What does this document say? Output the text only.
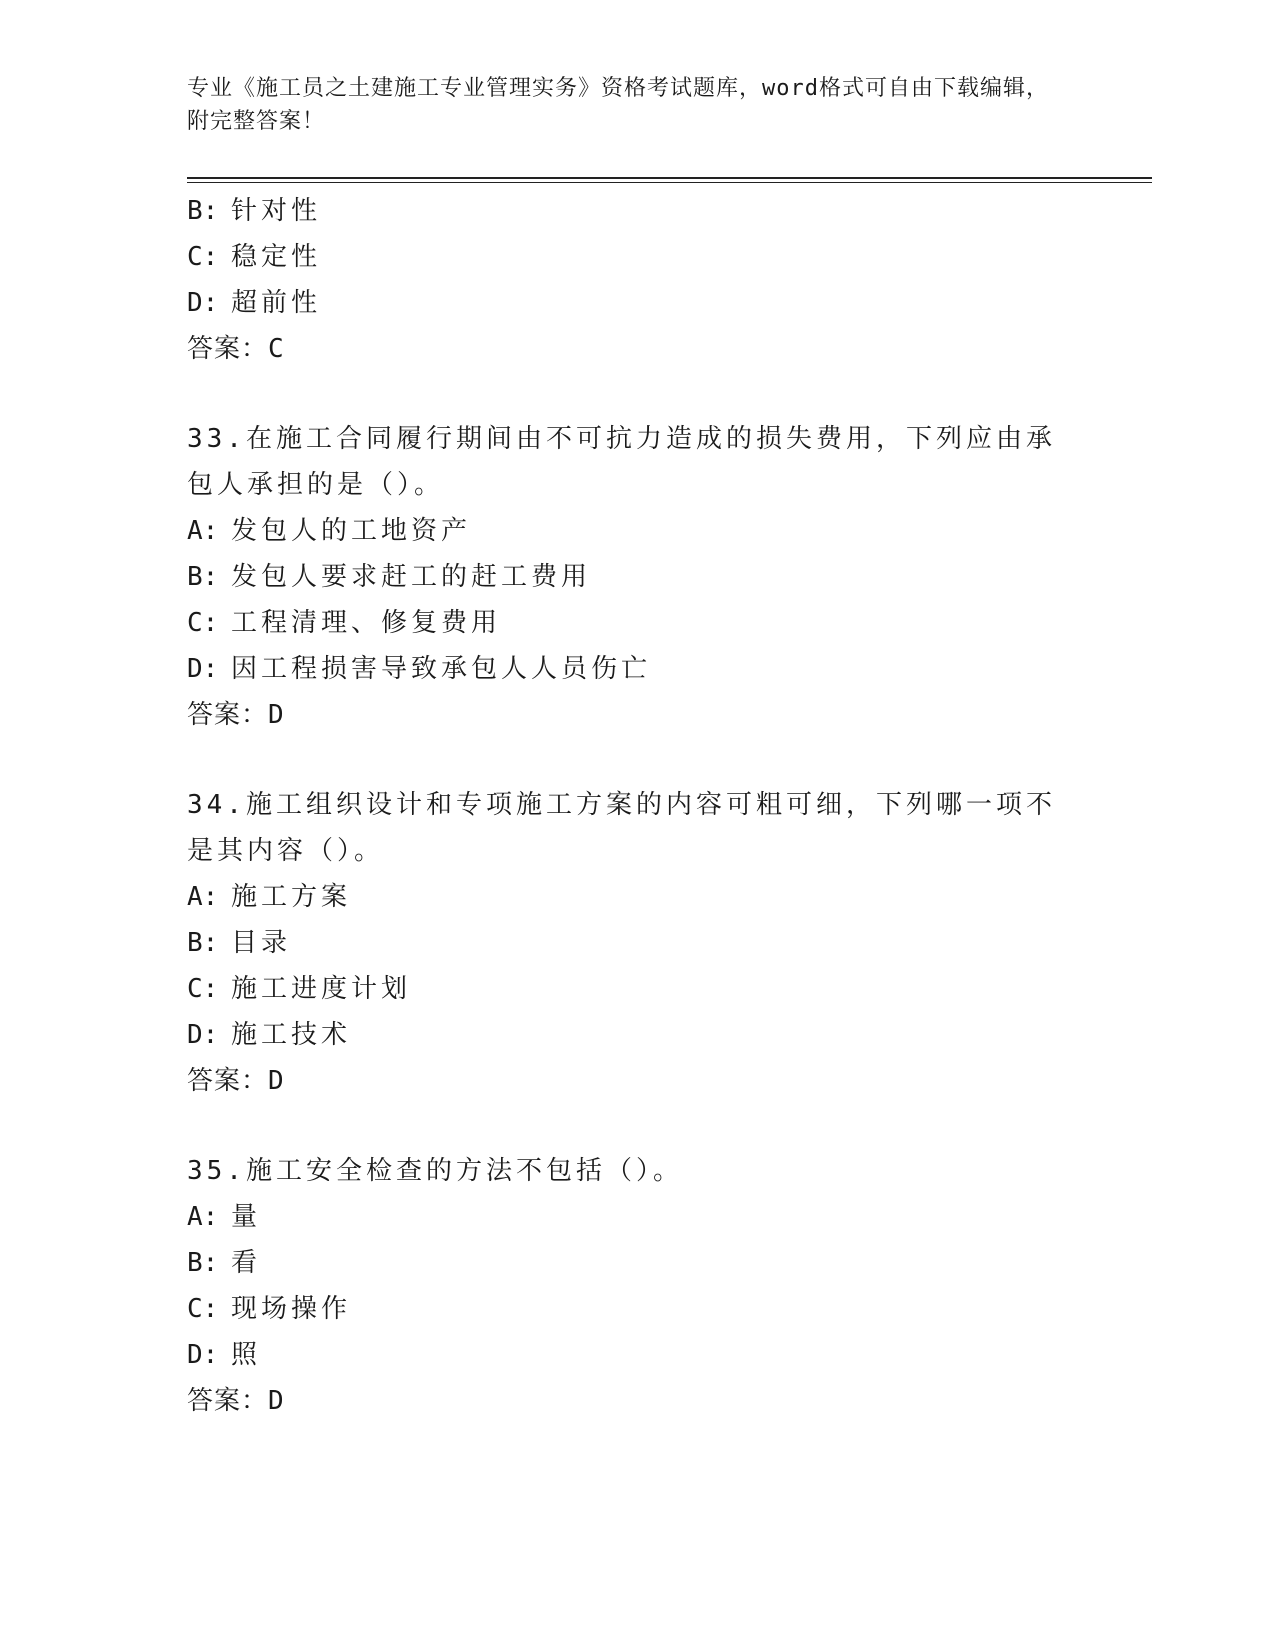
专业《施工员之土建施工专业管理实务》资格考试题库，word格式可自由下载编辑，附完整答案！
B: 针对性
C: 稳定性
D: 超前性
答案：C
33.在施工合同履行期间由不可抗力造成的损失费用，下列应由承包人承担的是（）。
A: 发包人的工地资产
B: 发包人要求赶工的赶工费用
C: 工程清理、修复费用
D: 因工程损害导致承包人人员伤亡
答案：D
34.施工组织设计和专项施工方案的内容可粗可细，下列哪一项不是其内容（）。
A: 施工方案
B: 目录
C: 施工进度计划
D: 施工技术
答案：D
35.施工安全检查的方法不包括（）。
A: 量
B: 看
C: 现场操作
D: 照
答案：D
